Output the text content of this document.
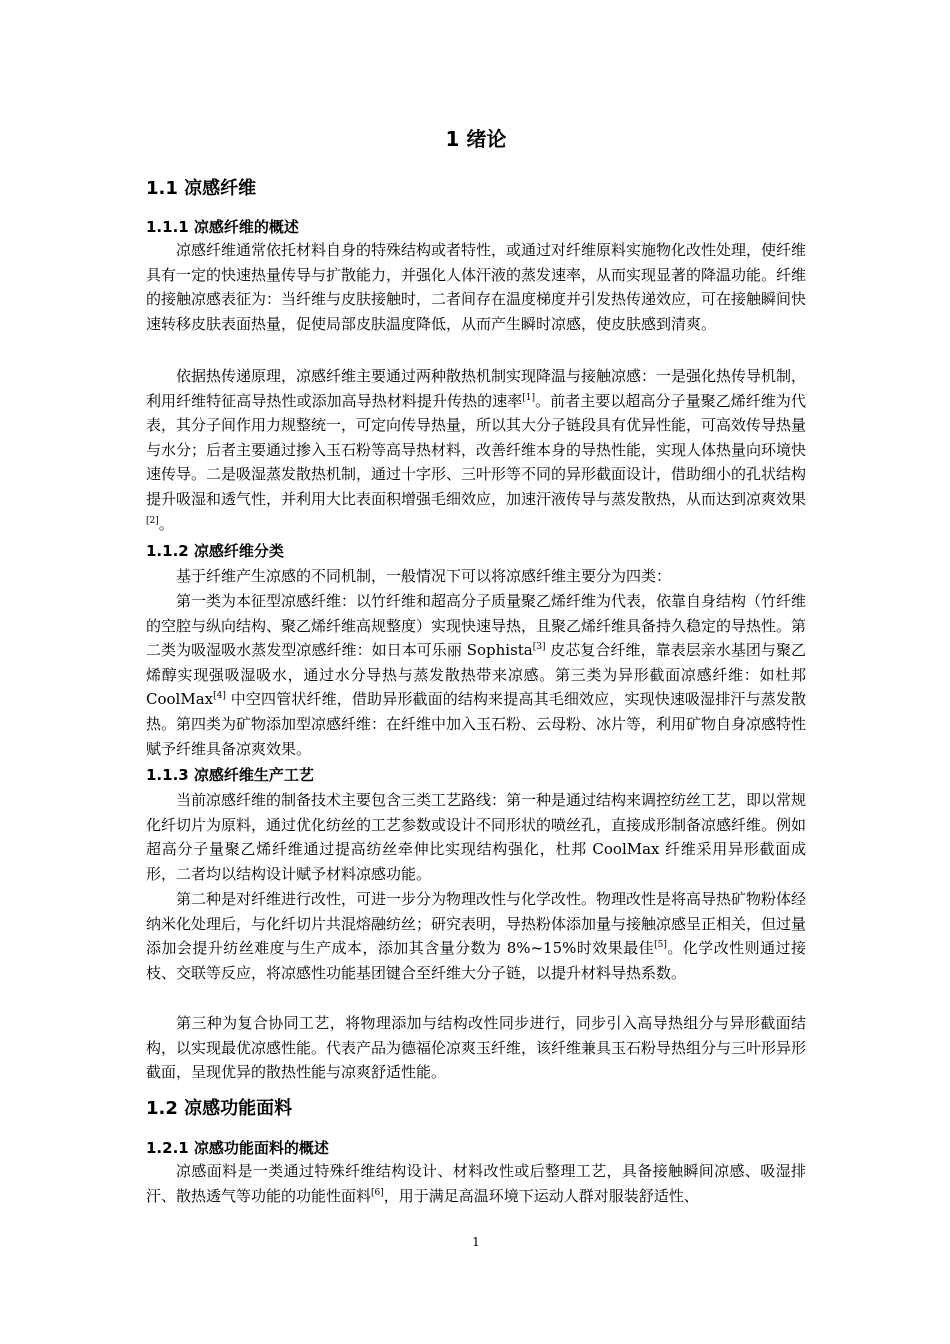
1 绪论
1.1 凉感纤维
1.1.1 凉感纤维的概述

凉感纤维通常依托材料自身的特殊结构或者特性，或通过对纤维原料实施物化改性处理，使纤维具有一定的快速热量传导与扩散能力，并强化人体汗液的蒸发速率，从而实现显著的降温功能。纤维的接触凉感表征为：当纤维与皮肤接触时，二者间存在温度梯度并引发热传递效应，可在接触瞬间快速转移皮肤表面热量，促使局部皮肤温度降低，从而产生瞬时凉感，使皮肤感到清爽。

依据热传递原理，凉感纤维主要通过两种散热机制实现降温与接触凉感：一是强化热传导机制，利用纤维特征高导热性或添加高导热材料提升传热的速率[1]。前者主要以超高分子量聚乙烯纤维为代表，其分子间作用力规整统一，可定向传导热量，所以其大分子链段具有优异性能，可高效传导热量与水分；后者主要通过掺入玉石粉等高导热材料，改善纤维本身的导热性能，实现人体热量向环境快速传导。二是吸湿蒸发散热机制，通过十字形、三叶形等不同的异形截面设计，借助细小的孔状结构提升吸湿和透气性，并利用大比表面积增强毛细效应，加速汗液传导与蒸发散热，从而达到凉爽效果[2]。

1.1.2 凉感纤维分类

基于纤维产生凉感的不同机制，一般情况下可以将凉感纤维主要分为四类：

第一类为本征型凉感纤维：以竹纤维和超高分子质量聚乙烯纤维为代表，依靠自身结构（竹纤维的空腔与纵向结构、聚乙烯纤维高规整度）实现快速导热，且聚乙烯纤维具备持久稳定的导热性。第二类为吸湿吸水蒸发型凉感纤维：如日本可乐丽 Sophista[3] 皮芯复合纤维，靠表层亲水基团与聚乙烯醇实现强吸湿吸水，通过水分导热与蒸发散热带来凉感。第三类为异形截面凉感纤维：如杜邦 CoolMax[4] 中空四管状纤维，借助异形截面的结构来提高其毛细效应，实现快速吸湿排汗与蒸发散热。第四类为矿物添加型凉感纤维：在纤维中加入玉石粉、云母粉、冰片等，利用矿物自身凉感特性赋予纤维具备凉爽效果。

1.1.3 凉感纤维生产工艺

当前凉感纤维的制备技术主要包含三类工艺路线：第一种是通过结构来调控纺丝工艺，即以常规化纤切片为原料，通过优化纺丝的工艺参数或设计不同形状的喷丝孔，直接成形制备凉感纤维。例如超高分子量聚乙烯纤维通过提高纺丝牵伸比实现结构强化，杜邦 CoolMax 纤维采用异形截面成形，二者均以结构设计赋予材料凉感功能。

第二种是对纤维进行改性，可进一步分为物理改性与化学改性。物理改性是将高导热矿物粉体经纳米化处理后，与化纤切片共混熔融纺丝；研究表明，导热粉体添加量与接触凉感呈正相关，但过量添加会提升纺丝难度与生产成本，添加其含量分数为 8%~15%时效果最佳[5]。化学改性则通过接枝、交联等反应，将凉感性功能基团键合至纤维大分子链，以提升材料导热系数。

第三种为复合协同工艺，将物理添加与结构改性同步进行，同步引入高导热组分与异形截面结构，以实现最优凉感性能。代表产品为德福伦凉爽玉纤维，该纤维兼具玉石粉导热组分与三叶形异形截面，呈现优异的散热性能与凉爽舒适性能。

1.2 凉感功能面料
1.2.1 凉感功能面料的概述

凉感面料是一类通过特殊纤维结构设计、材料改性或后整理工艺，具备接触瞬间凉感、吸湿排汗、散热透气等功能的功能性面料[6]，用于满足高温环境下运动人群对服装舒适性、

1
